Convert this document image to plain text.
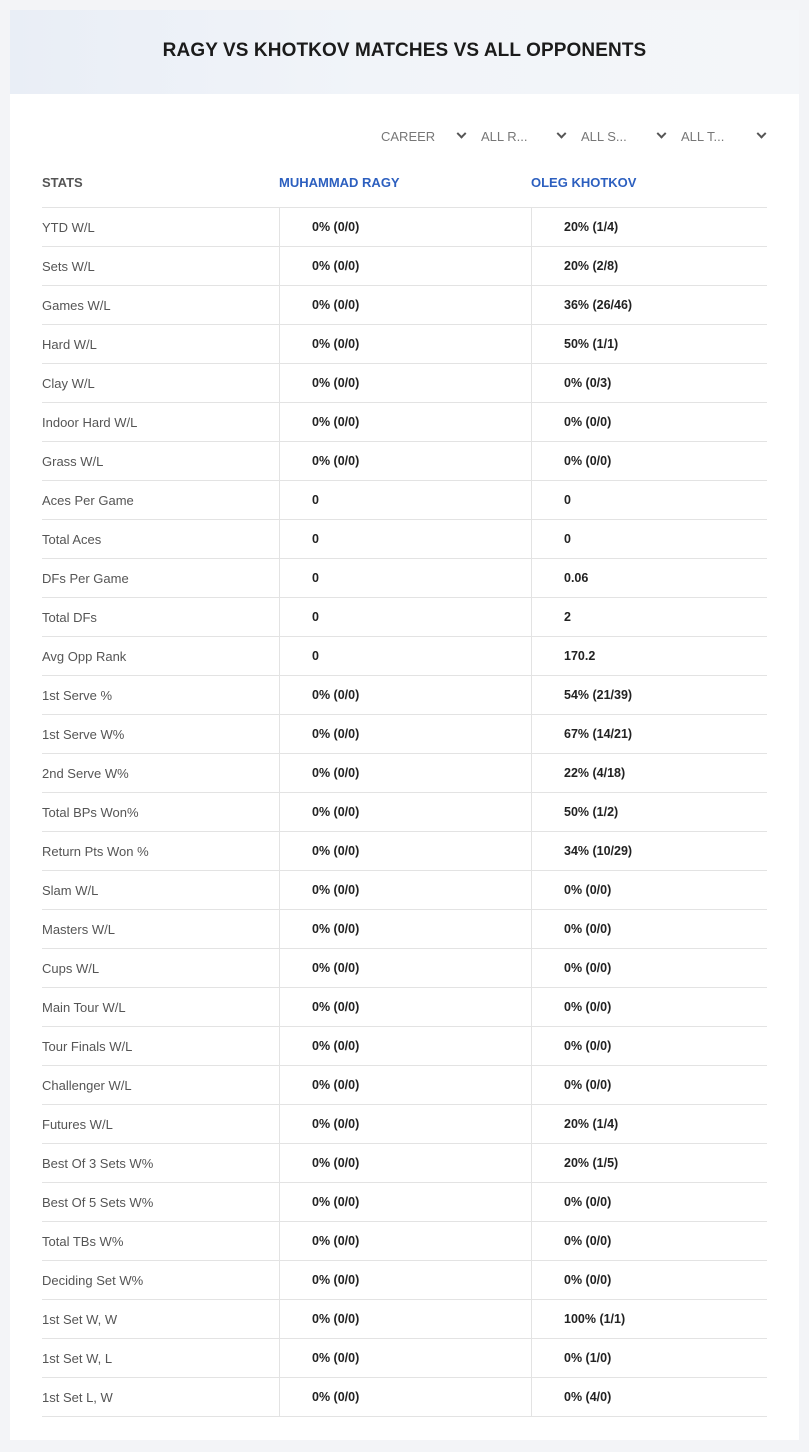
RAGY VS KHOTKOV MATCHES VS ALL OPPONENTS
CAREER	ALL R...	ALL S...	ALL T...
STATS	MUHAMMAD RAGY	OLEG KHOTKOV
YTD W/L	0% (0/0)	20% (1/4)
Sets W/L	0% (0/0)	20% (2/8)
Games W/L	0% (0/0)	36% (26/46)
Hard W/L	0% (0/0)	50% (1/1)
Clay W/L	0% (0/0)	0% (0/3)
Indoor Hard W/L	0% (0/0)	0% (0/0)
Grass W/L	0% (0/0)	0% (0/0)
Aces Per Game	0	0
Total Aces	0	0
DFs Per Game	0	0.06
Total DFs	0	2
Avg Opp Rank	0	170.2
1st Serve %	0% (0/0)	54% (21/39)
1st Serve W%	0% (0/0)	67% (14/21)
2nd Serve W%	0% (0/0)	22% (4/18)
Total BPs Won%	0% (0/0)	50% (1/2)
Return Pts Won %	0% (0/0)	34% (10/29)
Slam W/L	0% (0/0)	0% (0/0)
Masters W/L	0% (0/0)	0% (0/0)
Cups W/L	0% (0/0)	0% (0/0)
Main Tour W/L	0% (0/0)	0% (0/0)
Tour Finals W/L	0% (0/0)	0% (0/0)
Challenger W/L	0% (0/0)	0% (0/0)
Futures W/L	0% (0/0)	20% (1/4)
Best Of 3 Sets W%	0% (0/0)	20% (1/5)
Best Of 5 Sets W%	0% (0/0)	0% (0/0)
Total TBs W%	0% (0/0)	0% (0/0)
Deciding Set W%	0% (0/0)	0% (0/0)
1st Set W, W	0% (0/0)	100% (1/1)
1st Set W, L	0% (0/0)	0% (1/0)
1st Set L, W	0% (0/0)	0% (4/0)
